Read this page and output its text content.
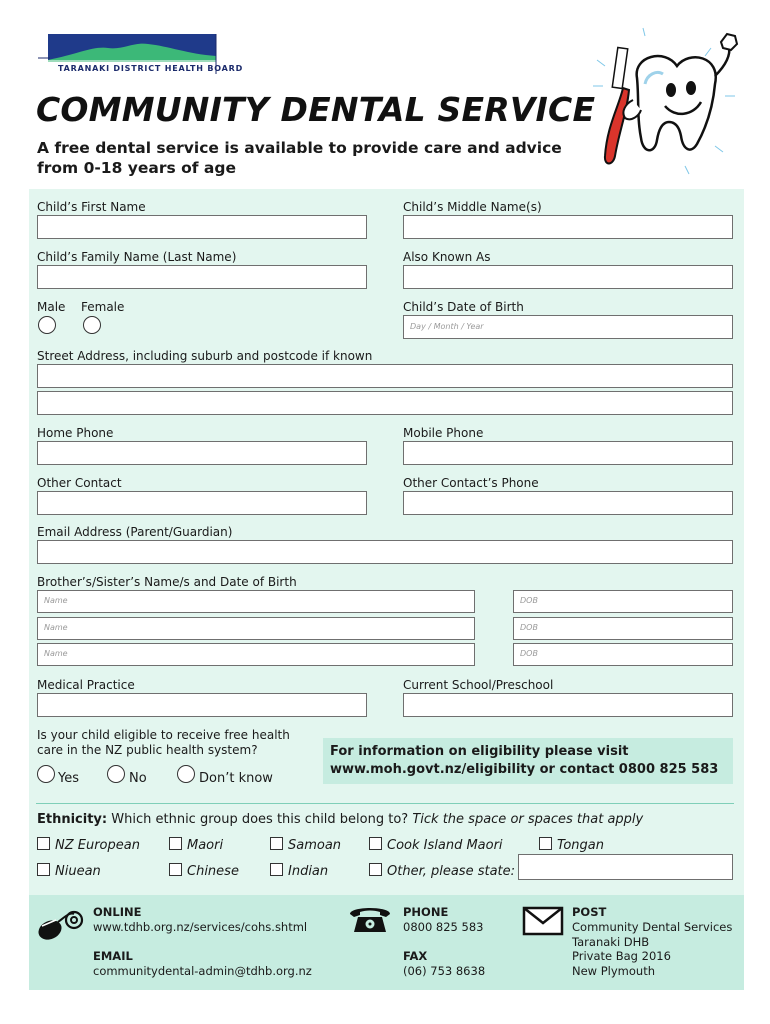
TARANAKI DISTRICT HEALTH BOARD
COMMUNITY DENTAL SERVICE
A free dental service is available to provide care and advice from 0-18 years of age
Child’s First Name	Child’s Middle Name(s)
Child’s Family Name (Last Name)	Also Known As
Male Female	Child’s Date of Birth
Day / Month / Year
Street Address, including suburb and postcode if known
Home Phone	Mobile Phone
Other Contact	Other Contact’s Phone
Email Address (Parent/Guardian)
Brother’s/Sister’s Name/s and Date of Birth
Name	DOB
Name	DOB
Name	DOB
Medical Practice	Current School/Preschool
Is your child eligible to receive free health
care in the NZ public health system?
Yes	No	Don’t know
For information on eligibility please visit
www.moh.govt.nz/eligibility or contact 0800 825 583
Ethnicity: Which ethnic group does this child belong to? Tick the space or spaces that apply
NZ European	Maori	Samoan	Cook Island Maori	Tongan
Niuean	Chinese	Indian	Other, please state:
ONLINE
www.tdhb.org.nz/services/cohs.shtml
EMAIL
communitydental-admin@tdhb.org.nz
PHONE
0800 825 583
FAX
(06) 753 8638
POST
Community Dental Services
Taranaki DHB
Private Bag 2016
New Plymouth
